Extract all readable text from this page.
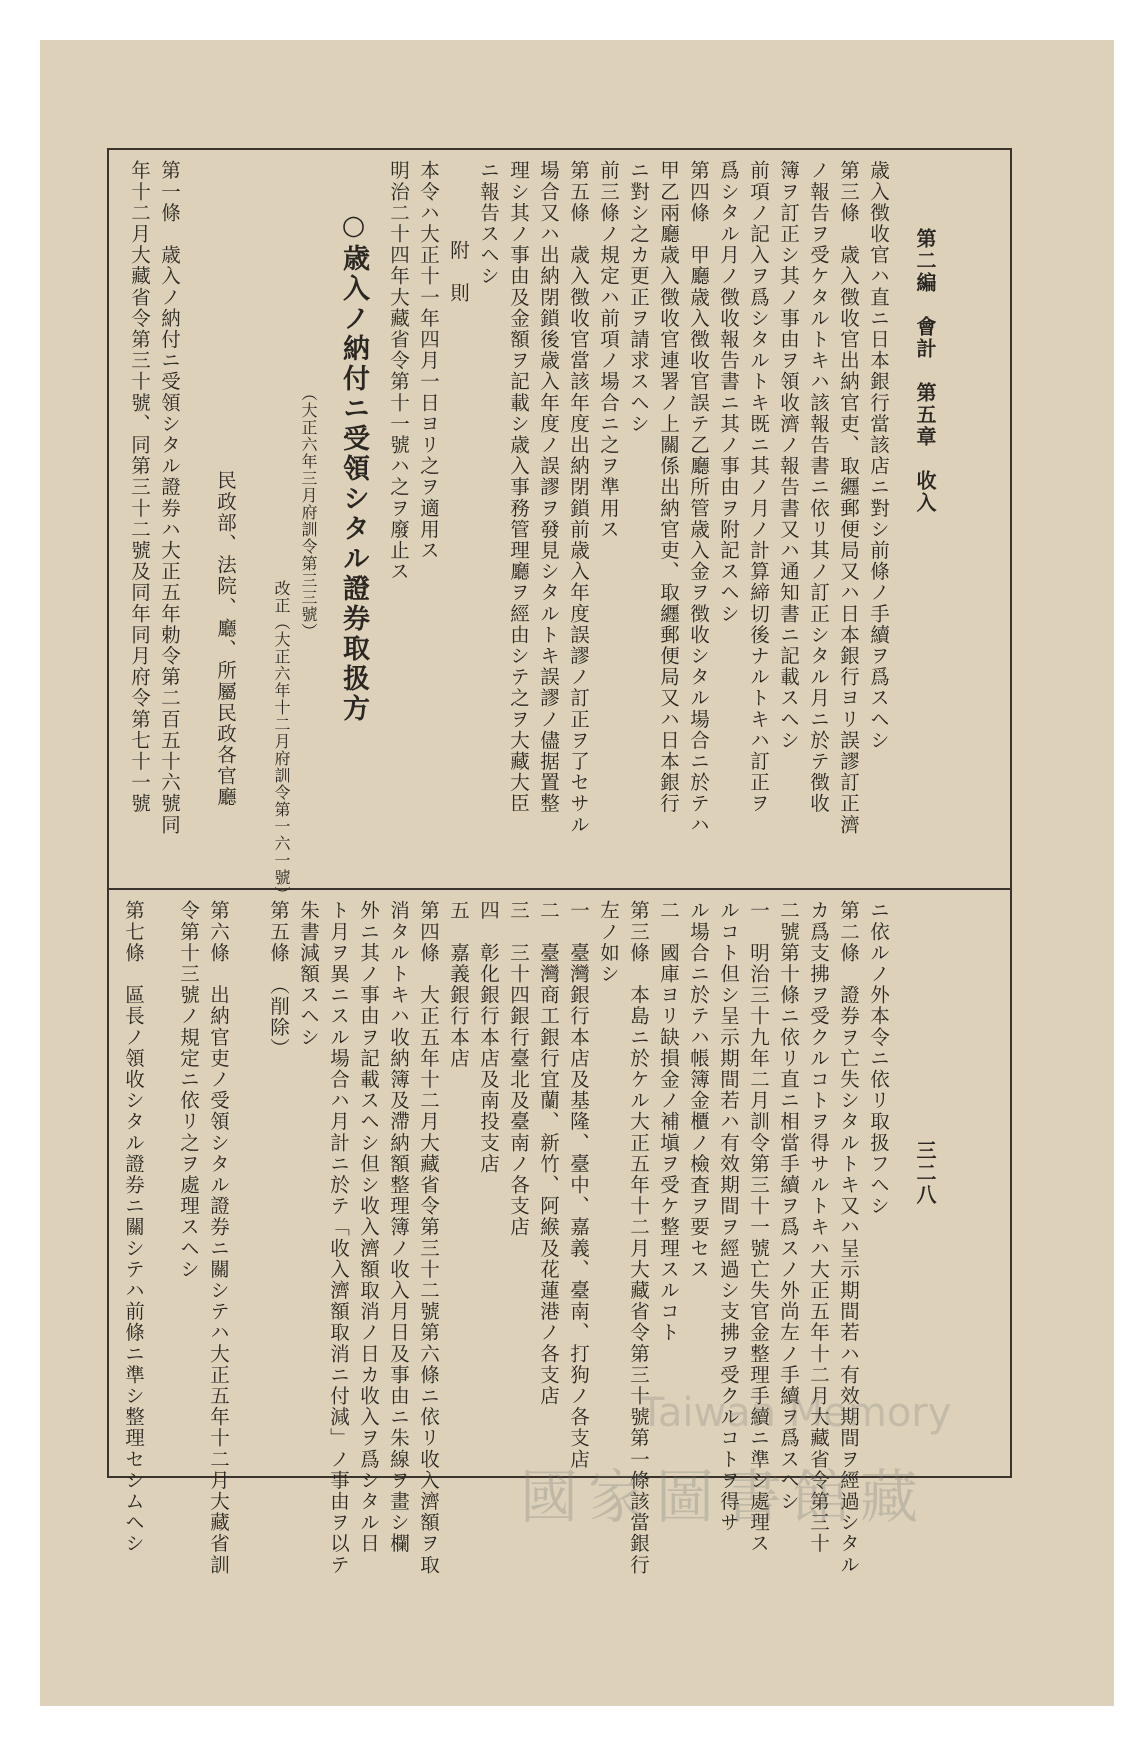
第二編　會計　第五章　收入
三二八
歳入徴收官ハ直ニ日本銀行當該店ニ對シ前條ノ手續ヲ爲スヘシ
第三條　歳入徴收官出納官吏、取纒郵便局又ハ日本銀行ヨリ誤謬訂正濟
ノ報告ヲ受ケタルトキハ該報告書ニ依リ其ノ訂正シタル月ニ於テ徴收
簿ヲ訂正シ其ノ事由ヲ領收濟ノ報告書又ハ通知書ニ記載スヘシ
前項ノ記入ヲ爲シタルトキ既ニ其ノ月ノ計算締切後ナルトキハ訂正ヲ
爲シタル月ノ徴收報告書ニ其ノ事由ヲ附記スヘシ
第四條　甲廳歳入徴收官誤テ乙廳所管歳入金ヲ徴收シタル場合ニ於テハ
甲乙兩廳歳入徴收官連署ノ上關係出納官吏、取纒郵便局又ハ日本銀行
ニ對シ之カ更正ヲ請求スヘシ
前三條ノ規定ハ前項ノ場合ニ之ヲ準用ス
第五條　歳入徴收官當該年度出納閉鎖前歳入年度誤謬ノ訂正ヲ了セサル
場合又ハ出納閉鎖後歳入年度ノ誤謬ヲ發見シタルトキ誤謬ノ儘据置整
理シ其ノ事由及金額ヲ記載シ歳入事務管理廳ヲ經由シテ之ヲ大藏大臣
ニ報告スヘシ
附　則
本令ハ大正十一年四月一日ヨリ之ヲ適用ス
明治二十四年大藏省令第十一號ハ之ヲ廢止ス
○歳入ノ納付ニ受領シタル證券取扱方
（大正六年三月府訓令第三三號）
改正（大正六年十二月府訓令第一六一號）
民政部、法院、廳、所屬民政各官廳
第一條　歳入ノ納付ニ受領シタル證券ハ大正五年勅令第二百五十六號同
年十二月大藏省令第三十號、同第三十二號及同年同月府令第七十一號
ニ依ルノ外本令ニ依リ取扱フヘシ
第二條　證券ヲ亡失シタルトキ又ハ呈示期間若ハ有效期間ヲ經過シタル
カ爲支拂ヲ受クルコトヲ得サルトキハ大正五年十二月大藏省令第三十
二號第十條ニ依リ直ニ相當手續ヲ爲スノ外尚左ノ手續ヲ爲スヘシ
一　明治三十九年二月訓令第三十一號亡失官金整理手續ニ準シ處理ス
ルコト但シ呈示期間若ハ有效期間ヲ經過シ支拂ヲ受クルコトヲ得サ
ル場合ニ於テハ帳簿金櫃ノ檢査ヲ要セス
二　國庫ヨリ缺損金ノ補塡ヲ受ケ整理スルコト
第三條　本島ニ於ケル大正五年十二月大藏省令第三十號第一條該當銀行
左ノ如シ
一　臺灣銀行本店及基隆、臺中、嘉義、臺南、打狗ノ各支店
二　臺灣商工銀行宜蘭、新竹、阿緱及花蓮港ノ各支店
三　三十四銀行臺北及臺南ノ各支店
四　彰化銀行本店及南投支店
五　嘉義銀行本店
第四條　大正五年十二月大藏省令第三十二號第六條ニ依リ收入濟額ヲ取
消タルトキハ收納簿及滯納額整理簿ノ收入月日及事由ニ朱線ヲ畫シ欄
外ニ其ノ事由ヲ記載スヘシ但シ收入濟額取消ノ日カ收入ヲ爲シタル日
ト月ヲ異ニスル場合ハ月計ニ於テ「收入濟額取消ニ付減」ノ事由ヲ以テ
朱書減額スヘシ
第五條　（削除）
第六條　出納官吏ノ受領シタル證券ニ關シテハ大正五年十二月大藏省訓
令第十三號ノ規定ニ依リ之ヲ處理スヘシ
第七條　區長ノ領收シタル證券ニ關シテハ前條ニ準シ整理セシムヘシ	Taiwan Memory
國家圖書館藏
